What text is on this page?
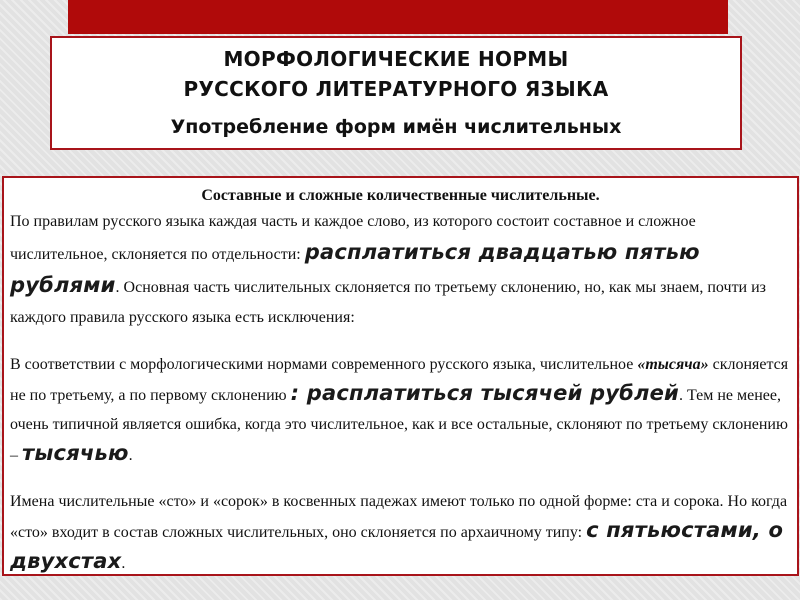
МОРФОЛОГИЧЕСКИЕ НОРМЫ
РУССКОГО ЛИТЕРАТУРНОГО ЯЗЫКА
Употребление форм имён числительных

Составные и сложные количественные числительные.

По правилам русского языка каждая часть и каждое слово, из которого состоит составное и сложное числительное, склоняется по отдельности: расплатиться двадцатью пятью рублями. Основная часть числительных склоняется по третьему склонению, но, как мы знаем, почти из каждого правила русского языка есть исключения:

В соответствии с морфологическими нормами современного русского языка, числительное «тысяча» склоняется не по третьему, а по первому склонению : расплатиться тысячей рублей. Тем не менее, очень типичной является ошибка, когда это числительное, как и все остальные, склоняют по третьему склонению – тысячью.

Имена числительные «сто» и «сорок» в косвенных падежах имеют только по одной форме: ста и сорока. Но когда «сто» входит в состав сложных числительных, оно склоняется по архаичному типу: с пятьюстами, о двухстах.
